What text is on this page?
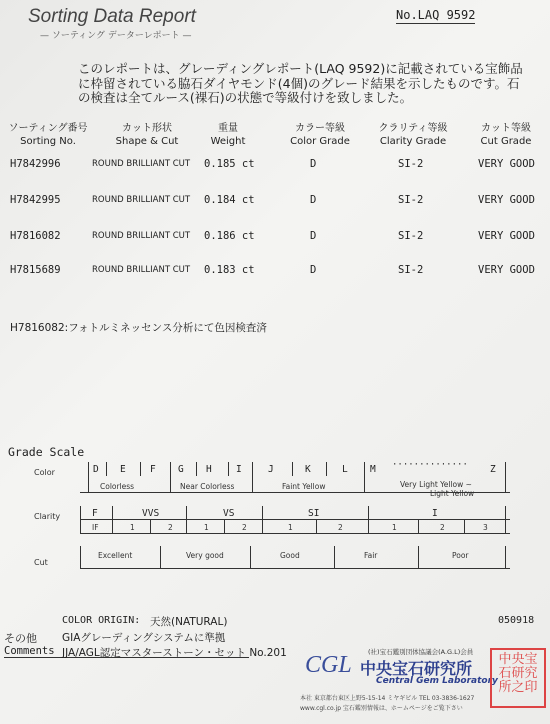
Sorting Data Report
— ソーティング データーレポート —
No.LAQ 9592
このレポートは、グレーディングレポート(LAQ 9592)に記載されている宝飾品に枠留されている脇石ダイヤモンド(4個)のグレード結果を示したものです。石の検査は全てルース(裸石)の状態で等級付けを致しました。
ソーティング番号
Sorting No.
カット形状
Shape & Cut
重量
Weight
カラー等級
Color Grade
クラリティ等級
Clarity Grade
カット等級
Cut Grade
H7842996	ROUND BRILLIANT CUT 0.185 ct	D	SI-2	VERY GOOD
H7842995	ROUND BRILLIANT CUT 0.184 ct	D	SI-2	VERY GOOD
H7816082	ROUND BRILLIANT CUT 0.186 ct	D	SI-2	VERY GOOD
H7815689	ROUND BRILLIANT CUT 0.183 ct	D	SI-2	VERY GOOD
H7816082:フォトルミネッセンス分析にて色因検査済
Grade Scale
Color	D E	F G H	I	J	K	L M ·············· Z
Colorless	Near Colorless	Faint Yellow	Very Light Yellow ~
Light Yellow
Clarity	F	VVS	VS	SI	I
IF	1	2	1	2	1	2	1	2	3
Cut
Excellent	Very good	Good	Fair	Poor
COLOR ORIGIN: 天然(NATURAL)
その他 GIAグレーディングシステムに準拠
Comments JJA/AGL認定マスターストーン・セット No.201
050918
CGL	(社)宝石鑑別団体協議会(A.G.L)会員
中央宝石研究所
Central Gem Laboratory
本社 東京都台東区上野5-15-14 ミヤギビル TEL 03-3836-1627
www.cgl.co.jp 宝石鑑別情報は、ホームページをご覧下さい
中央宝石研究所之印
